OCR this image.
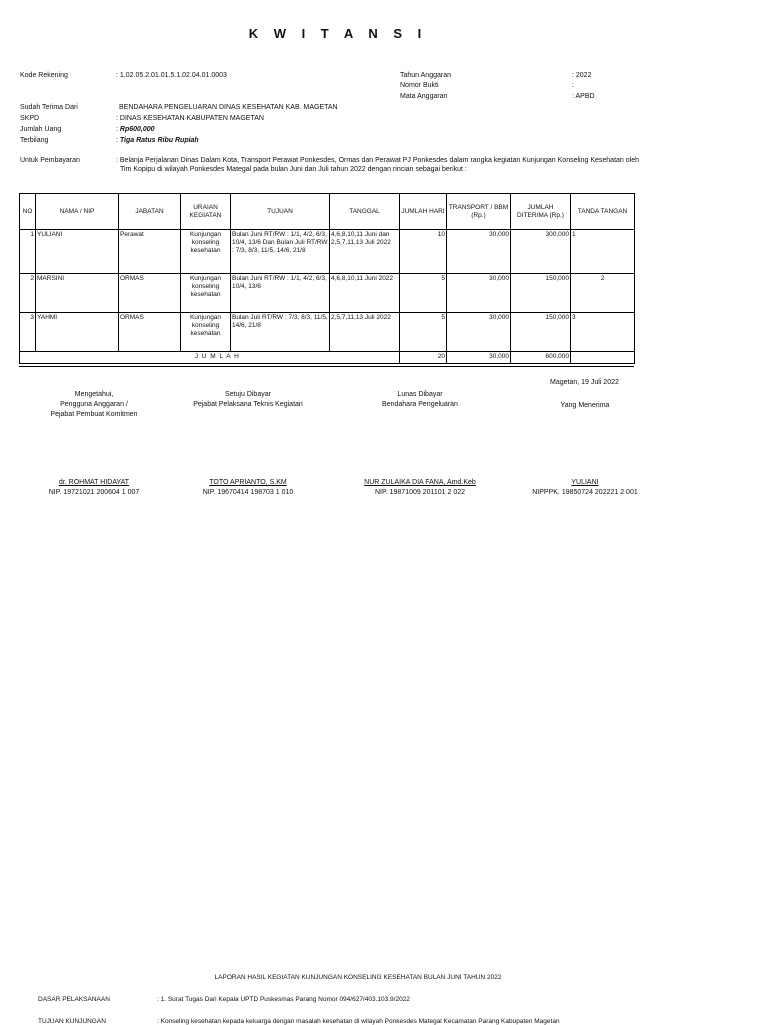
K W I T A N S I
Kode Rekening	: 1.02.05.2.01.01.5.1.02.04.01.0003	Tahun Anggaran	: 2022
Nomor Bukti	:
Mata Anggaran	: APBD
Sudah Terima Dari	BENDAHARA PENGELUARAN DINAS KESEHATAN KAB. MAGETAN
SKPD	: DINAS KESEHATAN KABUPATEN MAGETAN
Jumlah Uang	: Rp600,000
Terbilang	: Tiga Ratus Ribu Rupiah
Untuk Pembayaran	: Belanja Perjalanan Dinas Dalam Kota, Transport Perawat Ponkesdes, Ormas dan Perawat PJ Ponkesdes dalam rangka kegiatan Kunjungan Konseling Kesehatan oleh
Tim Kopipu di wilayah Ponkesdes Mategal pada bulan Juni dan Juli tahun 2022 dengan rincian sebagai berikut :
NO	NAMA / NIP	JABATAN	URAIAN KEGIATAN	TUJUAN	TANGGAL	JUMLAH HARI	TRANSPORT / BBM (Rp.)	JUMLAH DITERIMA (Rp.)	TANDA TANGAN
1	YULIANI	Perawat	Kunjungan konseling kesehatan	Bulan Juni RT/RW : 1/1, 4/2, 6/3, 10/4, 13/6 Dan Bulan Juli RT/RW : 7/3, 8/3, 11/5, 14/6, 21/8	4,6,8,10,11 Juni dan 2,5,7,11,13 Juli 2022	10	30,000	300,000	1
2	MARSINI	ORMAS	Kunjungan konseling kesehatan	Bulan Juni RT/RW : 1/1, 4/2, 6/3, 10/4, 13/6	4,6,8,10,11 Juni 2022	5	30,000	150,000	2
3	YAHMI	ORMAS	Kunjungan konseling kesehatan	Bulan Juli RT/RW : 7/3, 8/3, 11/5, 14/6, 21/8	2,5,7,11,13 Juli 2022	5	30,000	150,000	3
	J U M L A H					20	30,000	600,000	
Magetan, 19 Juli 2022
Mengetahui,
Pengguna Anggaran /
Pejabat Pembuat Komitmen
Setuju Dibayar
Pejabat Pelaksana Teknis Kegiatan
Lunas Dibayar
Bendahara Pengeluaran	Yang Menerima
dr. ROHMAT HIDAYAT
NIP. 19721021 200604 1 007
TOTO APRIANTO, S.KM
NIP. 19670414 198703 1 010
NUR ZULAIKA DIA FANA, Amd.Keb
NIP. 19871009 201101 2 022
YULIANI
NIPPPK. 19850724 202221 2 001
LAPORAN HASIL KEGIATAN KUNJUNGAN KONSELING KESEHATAN BULAN JUNI TAHUN 2022
DASAR PELAKSANAAN	: 1. Surat Tugas Dari Kepala UPTD Puskesmas Parang Nomor 094/627/403.103.9/2022
TUJUAN KUNJUNGAN	: Konseling kesehatan kepada keluarga dengan masalah kesehatan di wilayah Ponkesdes Mategal Kecamatan Parang Kabupaten Magetan
